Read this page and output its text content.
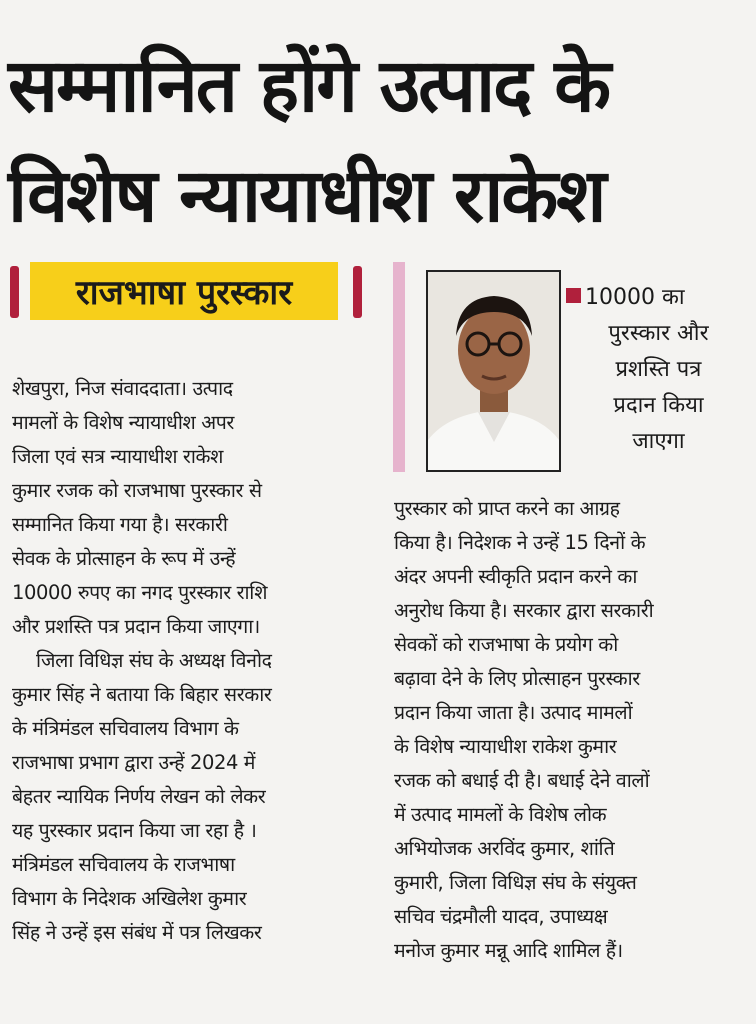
सम्मानित होंगे उत्पाद के
विशेष न्यायाधीश राकेश
राजभाषा पुरस्कार	10000 का
पुरस्कार और
प्रशस्ति पत्र
प्रदान किया
जाएगा
शेखपुरा, निज संवाददाता। उत्पाद
मामलों के विशेष न्यायाधीश अपर
जिला एवं सत्र न्यायाधीश राकेश
कुमार रजक को राजभाषा पुरस्कार से
सम्मानित किया गया है। सरकारी
सेवक के प्रोत्साहन के रूप में उन्हें
10000 रुपए का नगद पुरस्कार राशि
और प्रशस्ति पत्र प्रदान किया जाएगा।
जिला विधिज्ञ संघ के अध्यक्ष विनोद
कुमार सिंह ने बताया कि बिहार सरकार
के मंत्रिमंडल सचिवालय विभाग के
राजभाषा प्रभाग द्वारा उन्हें 2024 में
बेहतर न्यायिक निर्णय लेखन को लेकर
यह पुरस्कार प्रदान किया जा रहा है ।
मंत्रिमंडल सचिवालय के राजभाषा
विभाग के निदेशक अखिलेश कुमार
सिंह ने उन्हें इस संबंध में पत्र लिखकर
पुरस्कार को प्राप्त करने का आग्रह
किया है। निदेशक ने उन्हें 15 दिनों के
अंदर अपनी स्वीकृति प्रदान करने का
अनुरोध किया है। सरकार द्वारा सरकारी
सेवकों को राजभाषा के प्रयोग को
बढ़ावा देने के लिए प्रोत्साहन पुरस्कार
प्रदान किया जाता है। उत्पाद मामलों
के विशेष न्यायाधीश राकेश कुमार
रजक को बधाई दी है। बधाई देने वालों
में उत्पाद मामलों के विशेष लोक
अभियोजक अरविंद कुमार, शांति
कुमारी, जिला विधिज्ञ संघ के संयुक्त
सचिव चंद्रमौली यादव, उपाध्यक्ष
मनोज कुमार मन्नू आदि शामिल हैं।
